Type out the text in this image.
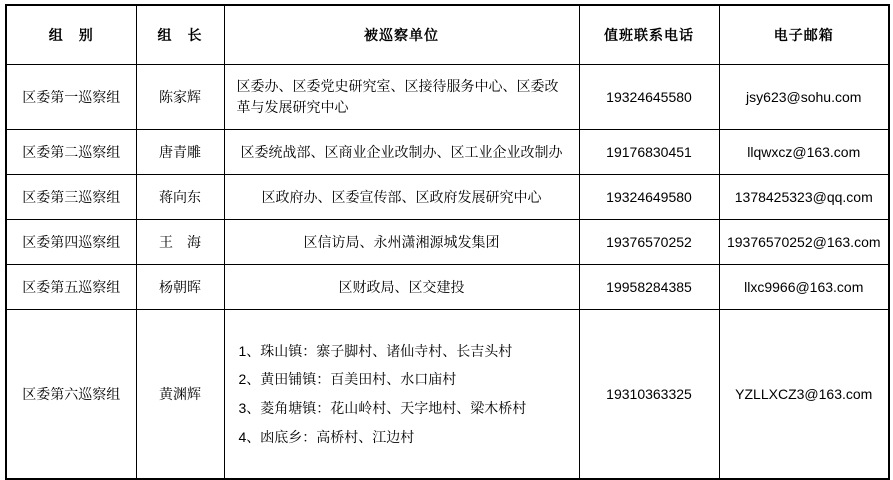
组　别	组　长	被巡察单位	值班联系电话	电子邮箱
区委第一巡察组	陈家辉	区委办、区委党史研究室、区接待服务中心、区委改革与发展研究中心	19324645580	jsy623@sohu.com
区委第二巡察组	唐青雕	区委统战部、区商业企业改制办、区工业企业改制办	19176830451	llqwxcz@163.com
区委第三巡察组	蒋向东	区政府办、区委宣传部、区政府发展研究中心	19324649580	1378425323@qq.com
区委第四巡察组	王　海	区信访局、永州潇湘源城发集团	19376570252	19376570252@163.com
区委第五巡察组	杨朝晖	区财政局、区交建投	19958284385	llxc9966@163.com
区委第六巡察组	黄渊辉	1、珠山镇：寨子脚村、诸仙寺村、长吉头村
2、黄田铺镇：百美田村、水口庙村
3、菱角塘镇：花山岭村、天字地村、梁木桥村
4、凼底乡：高桥村、江边村	19310363325	YZLLXCZ3@163.com
